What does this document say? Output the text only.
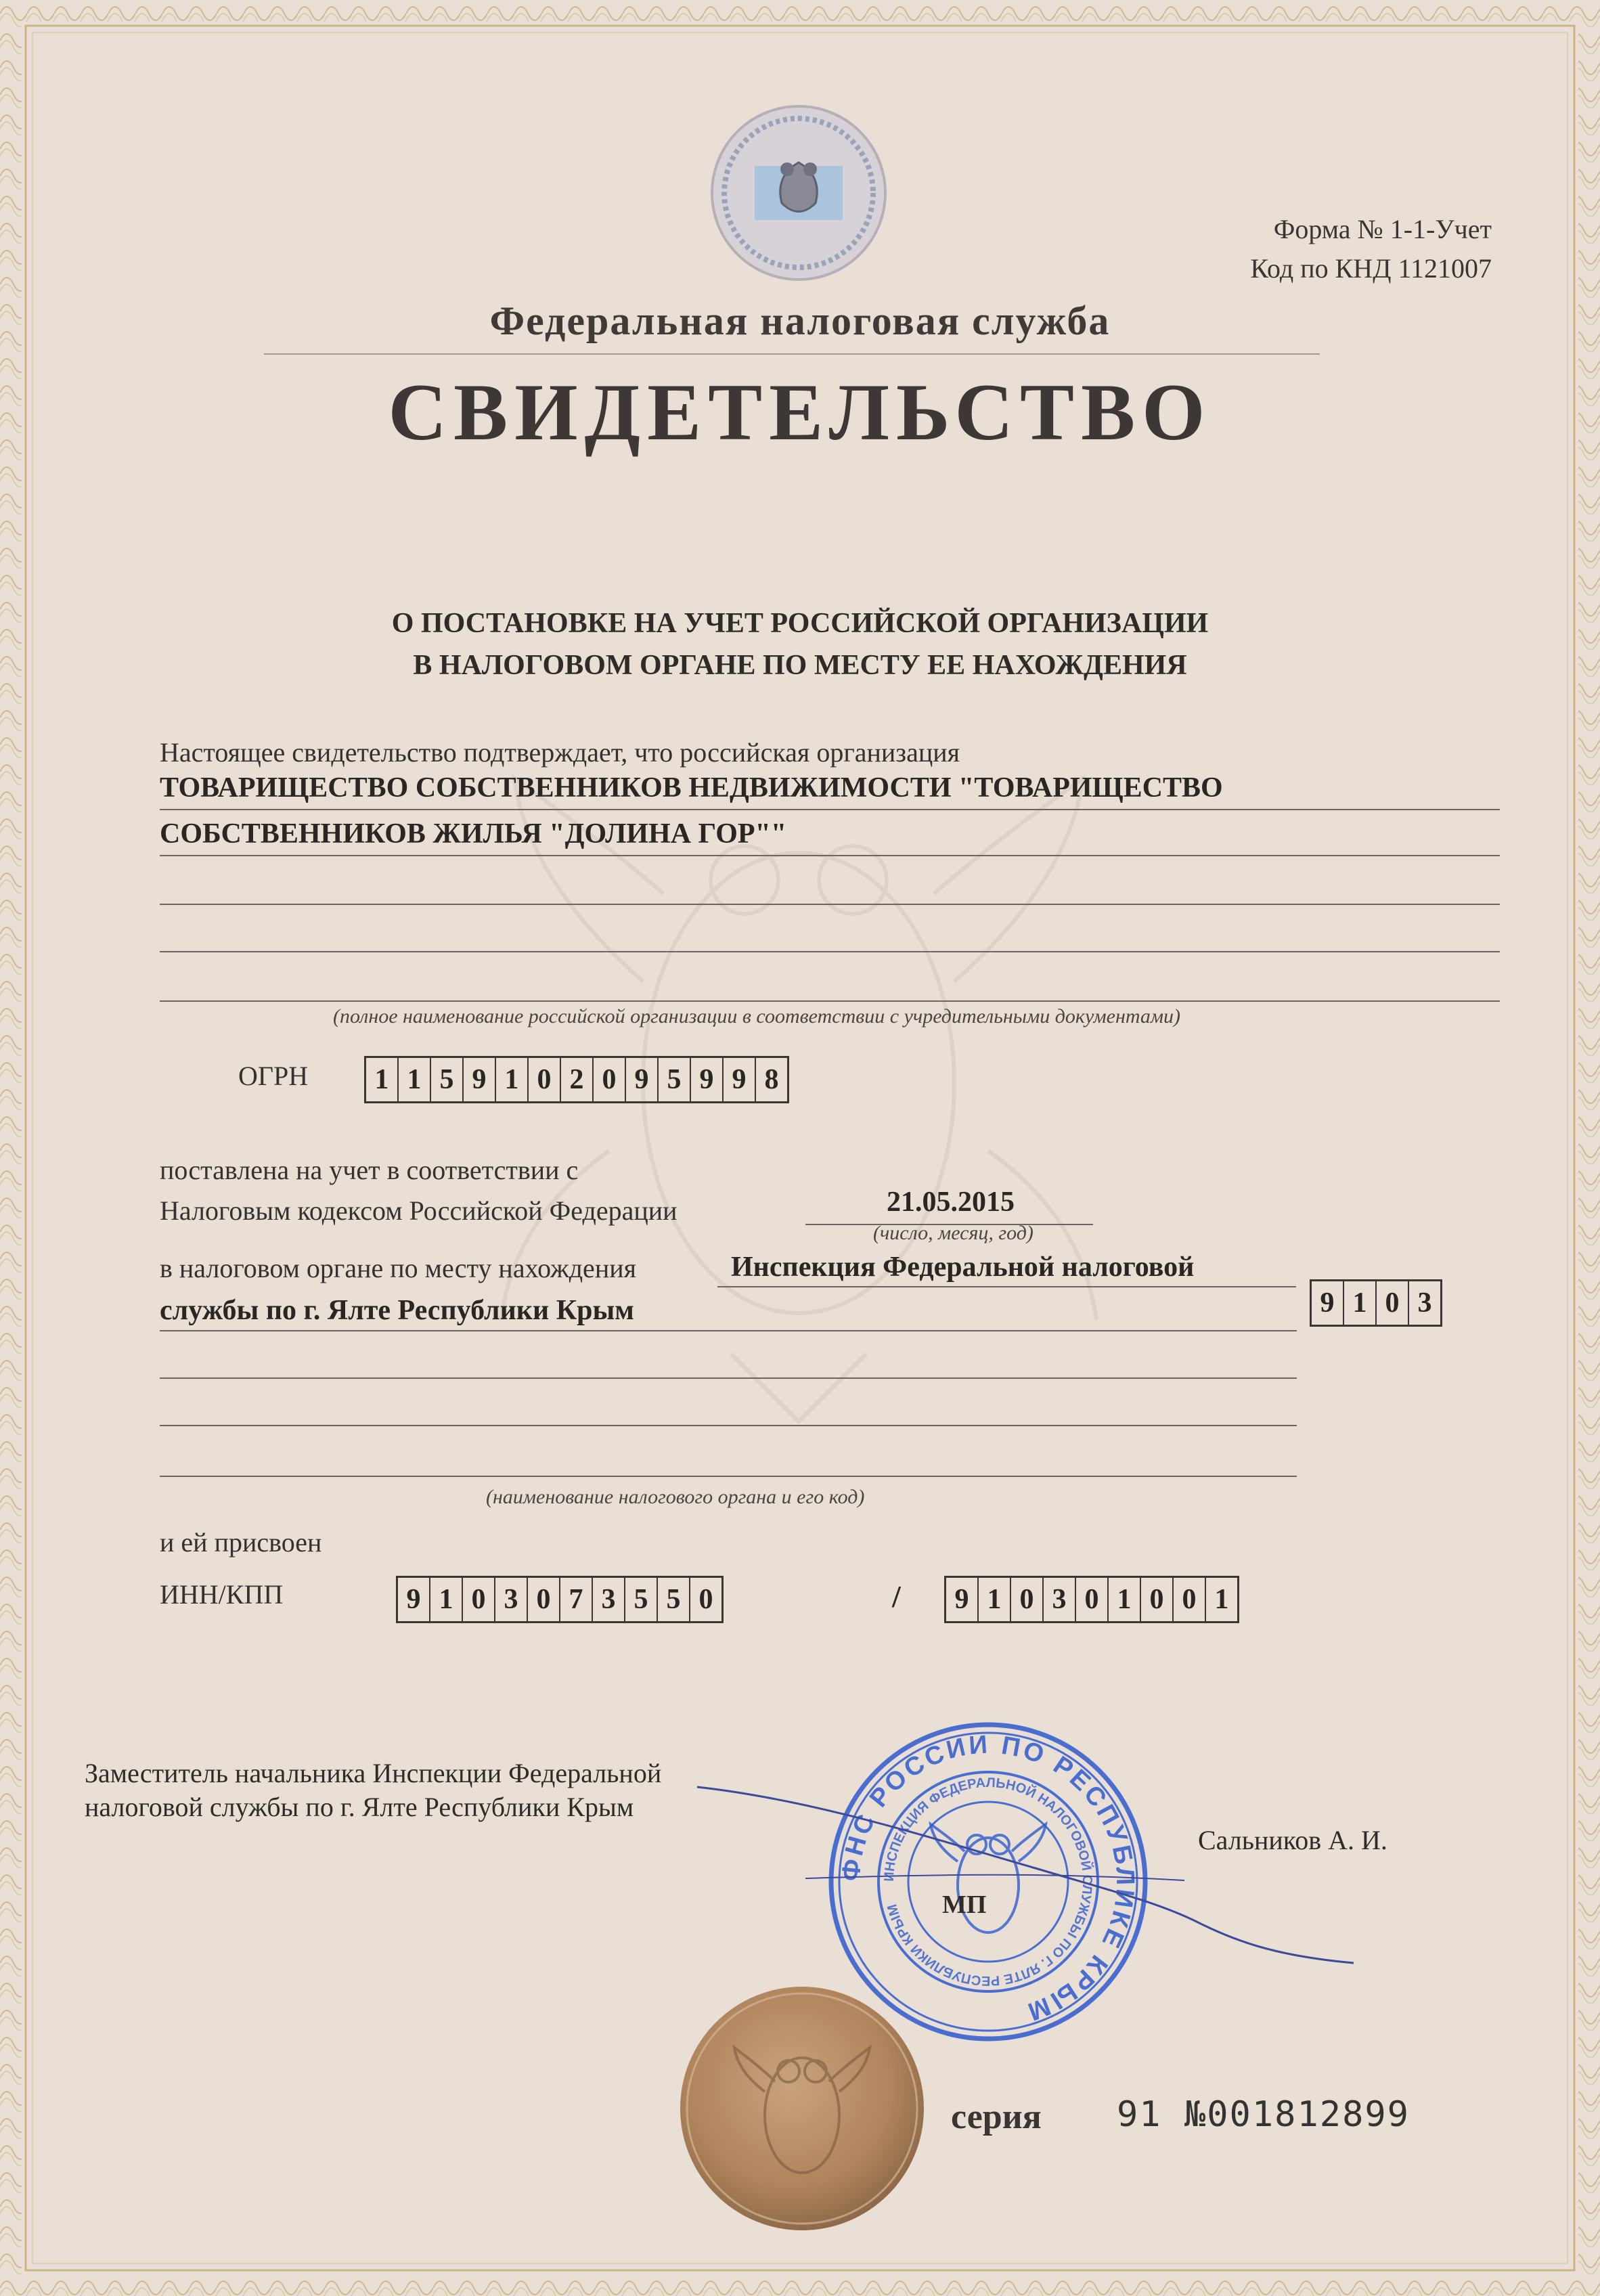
Форма № 1-1-Учет
Код по КНД 1121007
Федеральная налоговая служба
СВИДЕТЕЛЬСТВО
О ПОСТАНОВКЕ НА УЧЕТ РОССИЙСКОЙ ОРГАНИЗАЦИИ
В НАЛОГОВОМ ОРГАНЕ ПО МЕСТУ ЕЕ НАХОЖДЕНИЯ
Настоящее свидетельство подтверждает, что российская организация
ТОВАРИЩЕСТВО СОБСТВЕННИКОВ НЕДВИЖИМОСТИ "ТОВАРИЩЕСТВО
СОБСТВЕННИКОВ ЖИЛЬЯ "ДОЛИНА ГОР""
(полное наименование российской организации в соответствии с учредительными документами)
ОГРН 1 1 5 9 1 0 2 0 9 5 9 9 8
поставлена на учет в соответствии с
Налоговым кодексом Российской Федерации	21.05.2015
(число, месяц, год)
в налоговом органе по месту нахождения	Инспекция Федеральной налоговой
службы по г. Ялте Республики Крым	9 1 0 3
(наименование налогового органа и его код)
и ей присвоен
ИНН/КПП	9 1 0 3 0 7 3 5 5 0	/ 9 1 0 3 0 1 0 0 1
Заместитель начальника Инспекции Федеральной
налоговой службы по г. Ялте Республики Крым
Сальников А. И.
ФНС РОССИИ ПО РЕСПУБЛИКЕ КРЫМ
ИНСПЕКЦИЯ ФЕДЕРАЛЬНОЙ НАЛОГОВОЙ СЛУЖБЫ ПО Г. ЯЛТЕ РЕСПУБЛИКИ КРЫМ	МП
серия 91 №001812899
